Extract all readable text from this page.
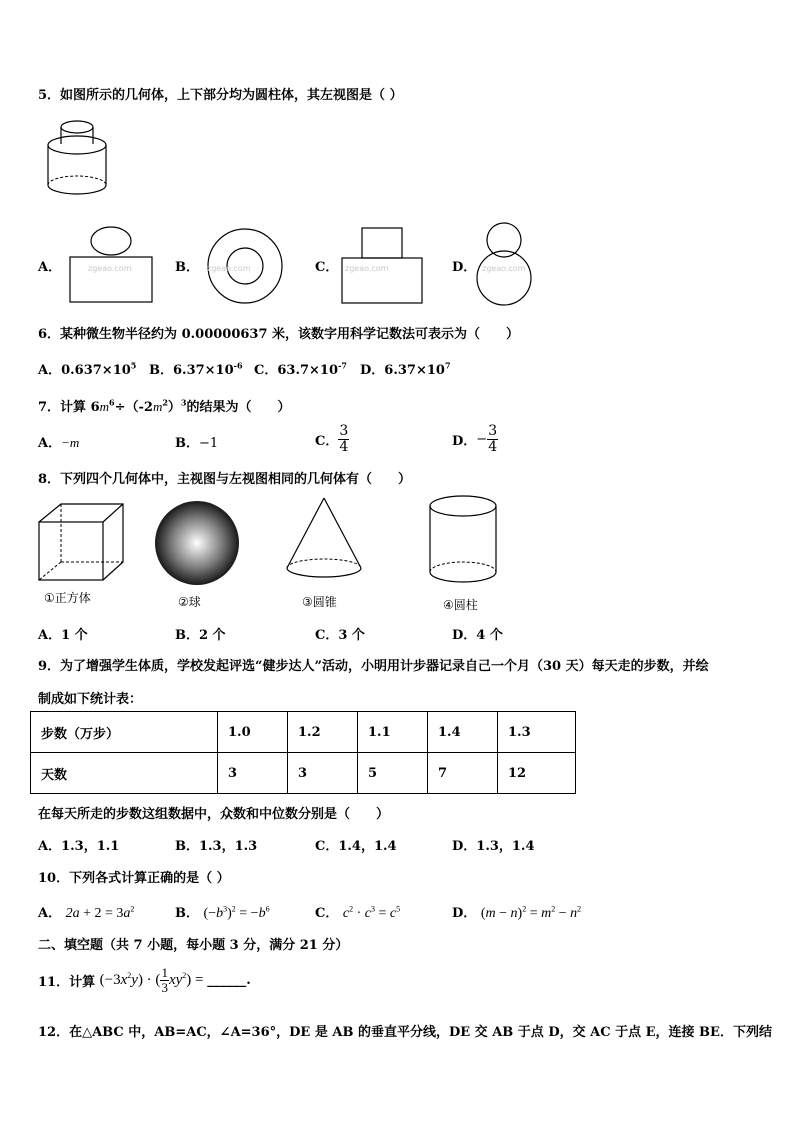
5．如图所示的几何体，上下部分均为圆柱体，其左视图是（ ）
A．	zgeao.com	B． zgeao.com	C． zgeao.com	D． zgeao.com
6．某种微生物半径约为 0.00000637 米，该数字用科学记数法可表示为（　　）
A．$0.637\times 10^5$ B．$6.37\times 10^{-6}$ C．$63.7\times 10^{-7}$ D．$6.37\times 10^7$
7．计算 $6m^6\div(-2m^2)^3$的结果为（　　）
A．−m	B．−1	C． $\frac{3}{4}$	D．− $\frac{3}{4}$
8．下列四个几何体中，主视图与左视图相同的几何体有（　　）
①正方体	②球	③圆锥	④圆柱
A．1 个	B．2 个	C．3 个	D．4 个
9．为了增强学生体质，学校发起评选“健步达人”活动，小明用计步器记录自己一个月（30 天）每天走的步数，并绘
制成如下统计表：
步数（万步）	1.0	1.2	1.1	1.4	1.3
天数	3	3	5	7	12
在每天所走的步数这组数据中，众数和中位数分别是（　　）
A．1.3，1.1	B．1.3，1.3	C．1.4，1.4	D．1.3，1.4
10．下列各式计算正确的是（ ）
A． $2a + 2 = 3a^2$	B． $(-b^3)^2 = -b^6$	C． $c^2 \cdot c^3 = c^5$	D． $(m - n)^2 = m^2 - n^2$
二、填空题（共 7 小题，每小题 3 分，满分 21 分）
11．计算 $(-3x^2y)$ · ( $\frac{1}{3} xy^2$) = ______.
12．在△ABC 中，AB=AC，∠A=36°，DE 是 AB 的垂直平分线，DE 交 AB 于点 D，交 AC 于点 E，连接 BE．下列结
